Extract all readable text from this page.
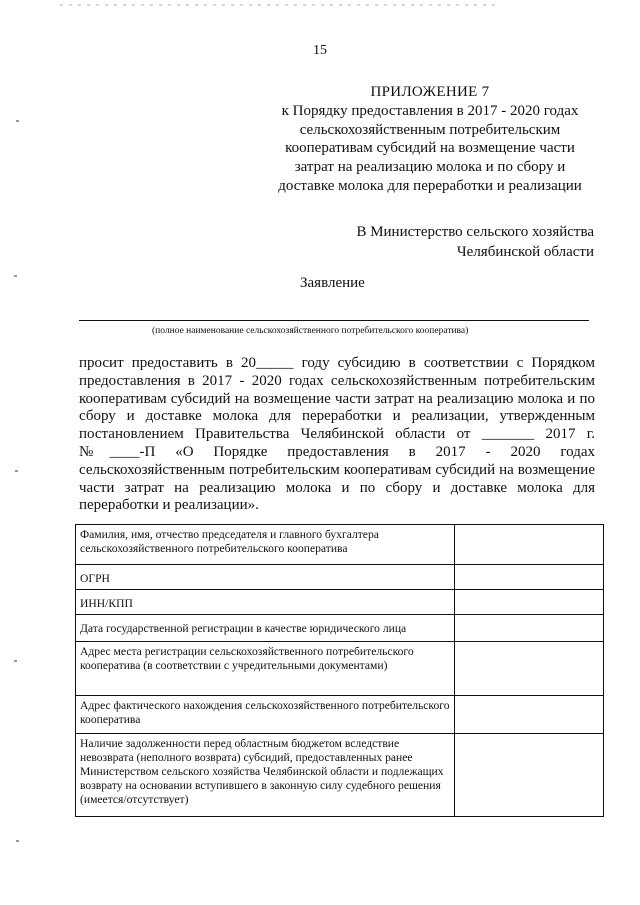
15
ПРИЛОЖЕНИЕ 7
к Порядку предоставления в 2017 - 2020 годах
сельскохозяйственным потребительским
кооперативам субсидий на возмещение части
затрат на реализацию молока и по сбору и
доставке молока для переработки и реализации
В Министерство сельского хозяйства
Челябинской области
Заявление
(полное наименование сельскохозяйственного потребительского кооператива)
просит предоставить в 20_____ году субсидию в соответствии с Порядком предоставления в 2017 - 2020 годах сельскохозяйственным потребительским кооперативам субсидий на возмещение части затрат на реализацию молока и по сбору и доставке молока для переработки и реализации, утвержденным постановлением Правительства Челябинской области от _______ 2017 г. №____-П «О Порядке предоставления в 2017 - 2020 годах сельскохозяйственным потребительским кооперативам субсидий на возмещение части затрат на реализацию молока и по сбору и доставке молока для переработки и реализации».
Фамилия, имя, отчество председателя и главного бухгалтера сельскохозяйственного потребительского кооператива	
ОГРН	
ИНН/КПП	
Дата государственной регистрации в качестве юридического лица	
Адрес места регистрации сельскохозяйственного потребительского кооператива (в соответствии с учредительными документами)	
Адрес фактического нахождения сельскохозяйственного потребительского кооператива	
Наличие задолженности перед областным бюджетом вследствие невозврата (неполного возврата) субсидий, предоставленных ранее Министерством сельского хозяйства Челябинской области и подлежащих возврату на основании вступившего в законную силу судебного решения (имеется/отсутствует)	
